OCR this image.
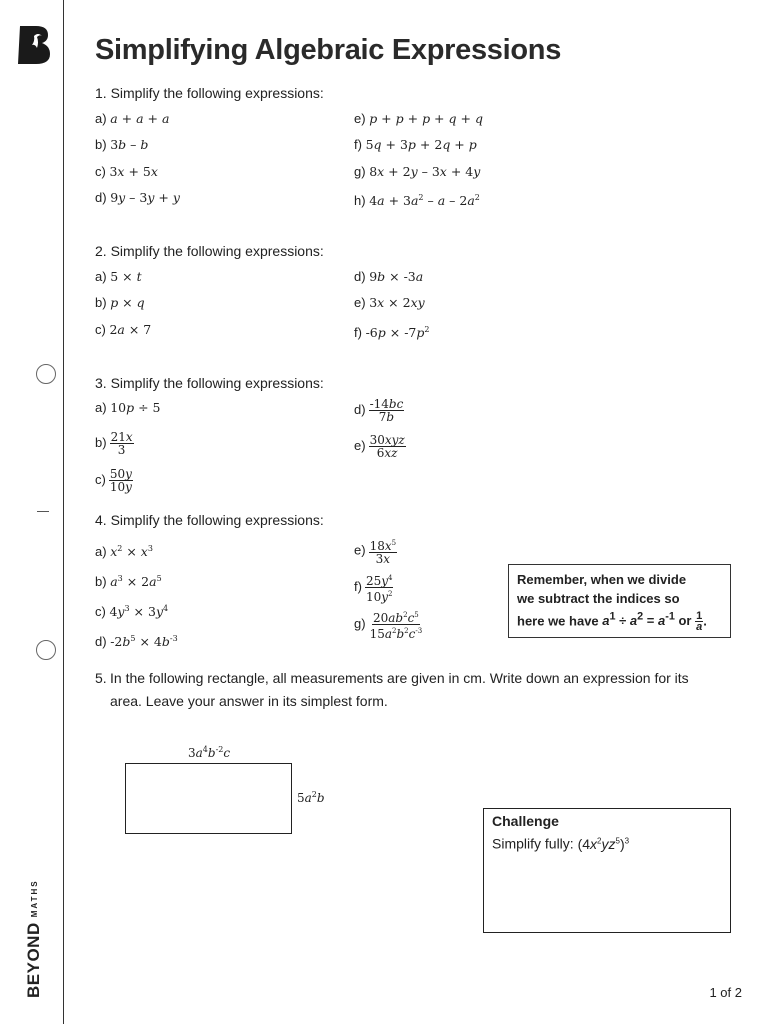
BEYONDMATHS
Simplifying Algebraic Expressions
1. Simplify the following expressions:
a) a + a + a
b) 3b – b
c) 3x + 5x
d) 9y – 3y + y
e) p + p + p + q + q
f) 5q + 3p + 2q + p
g) 8x + 2y – 3x + 4y
h) $4a + 3a^2 - a - 2a^2$
2. Simplify the following expressions:
a) 5 × t
b) p × q
c) 2a × 7
d) 9b × -3a
e) 3x × 2xy
f) $-6p \times -7p^2$
3. Simplify the following expressions:
a) 10p ÷ 5
$b) \frac{21x}{3}$
$c) \frac{50y}{10y}$
$d) \frac{-14bc}{7b}$
$e) \frac{\text{30xyz}}{6xz}$
4. Simplify the following expressions:
a) $x^2 \times x^3$
b) $a^3 \times 2a^5$
c) $4y^3 \times 3y^4$
d) $-2b^5 \times 4b^{-3}$
$e) \frac{18x^5}{3x}$
$f) \frac{25y^4}{10y^2}$
$g) \frac{20ab^2c^5}{15a^2b^2c^{-3}}$
Remember, when we divide
we subtract the indices so
here we have $a^1 \div a^2 = a^{-1}$ or $\frac{1}{a}$ .
5. In the following rectangle, all measurements are given in cm. Write down an expression for its
area. Leave your answer in its simplest form.
$3a^4b^{-2}c$
$5a^2b$
Challenge
Simplify fully: $(4x^2yz^5)^3$
1 of 2
